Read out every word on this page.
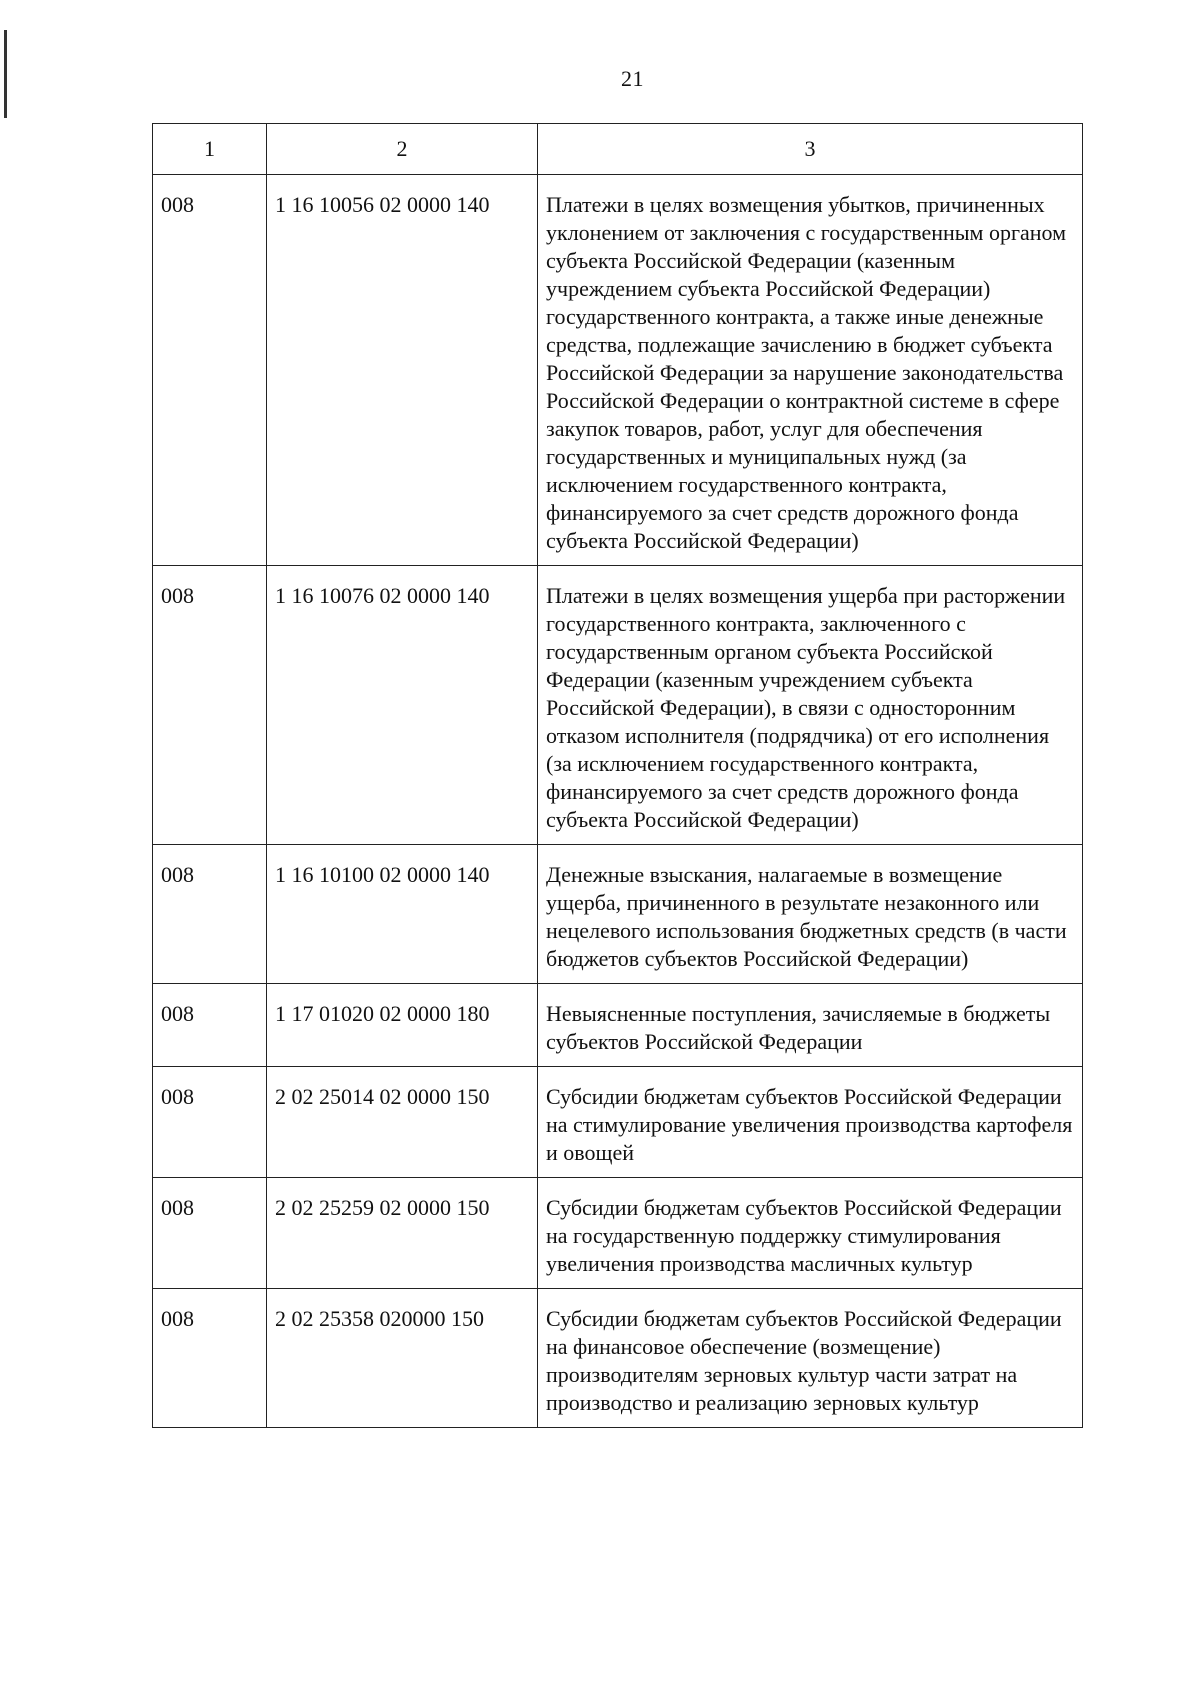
21
1	2	3
008	1 16 10056 02 0000 140	Платежи в целях возмещения убытков, причиненных уклонением от заключения с государственным органом субъекта Российской Федерации (казенным учреждением субъекта Российской Федерации) государственного контракта, а также иные денежные средства, подлежащие зачислению в бюджет субъекта Российской Федерации за нарушение законодательства Российской Федерации о контрактной системе в сфере закупок товаров, работ, услуг для обеспечения государственных и муниципальных нужд (за исключением государственного контракта, финансируемого за счет средств дорожного фонда субъекта Российской Федерации)
008	1 16 10076 02 0000 140	Платежи в целях возмещения ущерба при расторжении государственного контракта, заключенного с государственным органом субъекта Российской Федерации (казенным учреждением субъекта Российской Федерации), в связи с односторонним отказом исполнителя (подрядчика) от его исполнения (за исключением государственного контракта, финансируемого за счет средств дорожного фонда субъекта Российской Федерации)
008	1 16 10100 02 0000 140	Денежные взыскания, налагаемые в возмещение ущерба, причиненного в результате незаконного или нецелевого использования бюджетных средств (в части бюджетов субъектов Российской Федерации)
008	1 17 01020 02 0000 180	Невыясненные поступления, зачисляемые в бюджеты субъектов Российской Федерации
008	2 02 25014 02 0000 150	Субсидии бюджетам субъектов Российской Федерации на стимулирование увеличения производства картофеля и овощей
008	2 02 25259 02 0000 150	Субсидии бюджетам субъектов Российской Федерации на государственную поддержку стимулирования увеличения производства масличных культур
008	2 02 25358 020000 150	Субсидии бюджетам субъектов Российской Федерации на финансовое обеспечение (возмещение) производителям зерновых культур части затрат на производство и реализацию зерновых культур
